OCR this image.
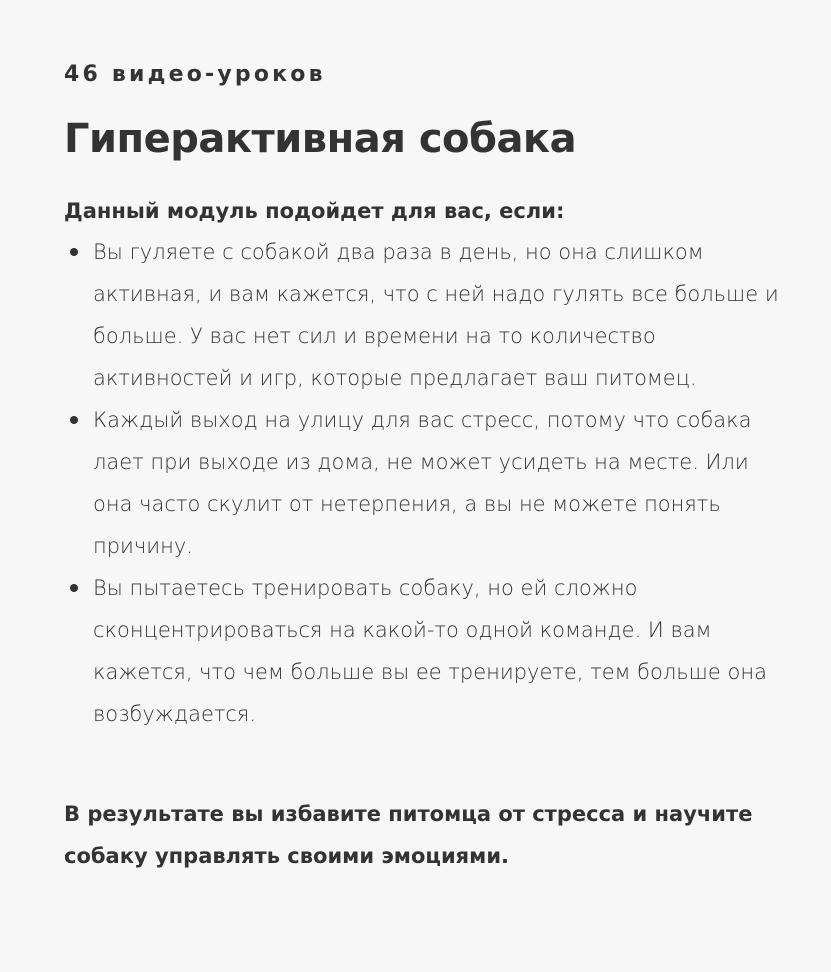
46 видео-уроков

Гиперактивная собака

Данный модуль подойдет для вас, если:

Вы гуляете с собакой два раза в день, но она слишком активная, и вам кажется, что с ней надо гулять все больше и больше. У вас нет сил и времени на то количество активностей и игр, которые предлагает ваш питомец.
Каждый выход на улицу для вас стресс, потому что собака лает при выходе из дома, не может усидеть на месте. Или она часто скулит от нетерпения, а вы не можете понять причину.
Вы пытаетесь тренировать собаку, но ей сложно сконцентрироваться на какой-то одной команде. И вам кажется, что чем больше вы ее тренируете, тем больше она возбуждается.

В результате вы избавите питомца от стресса и научите собаку управлять своими эмоциями.
